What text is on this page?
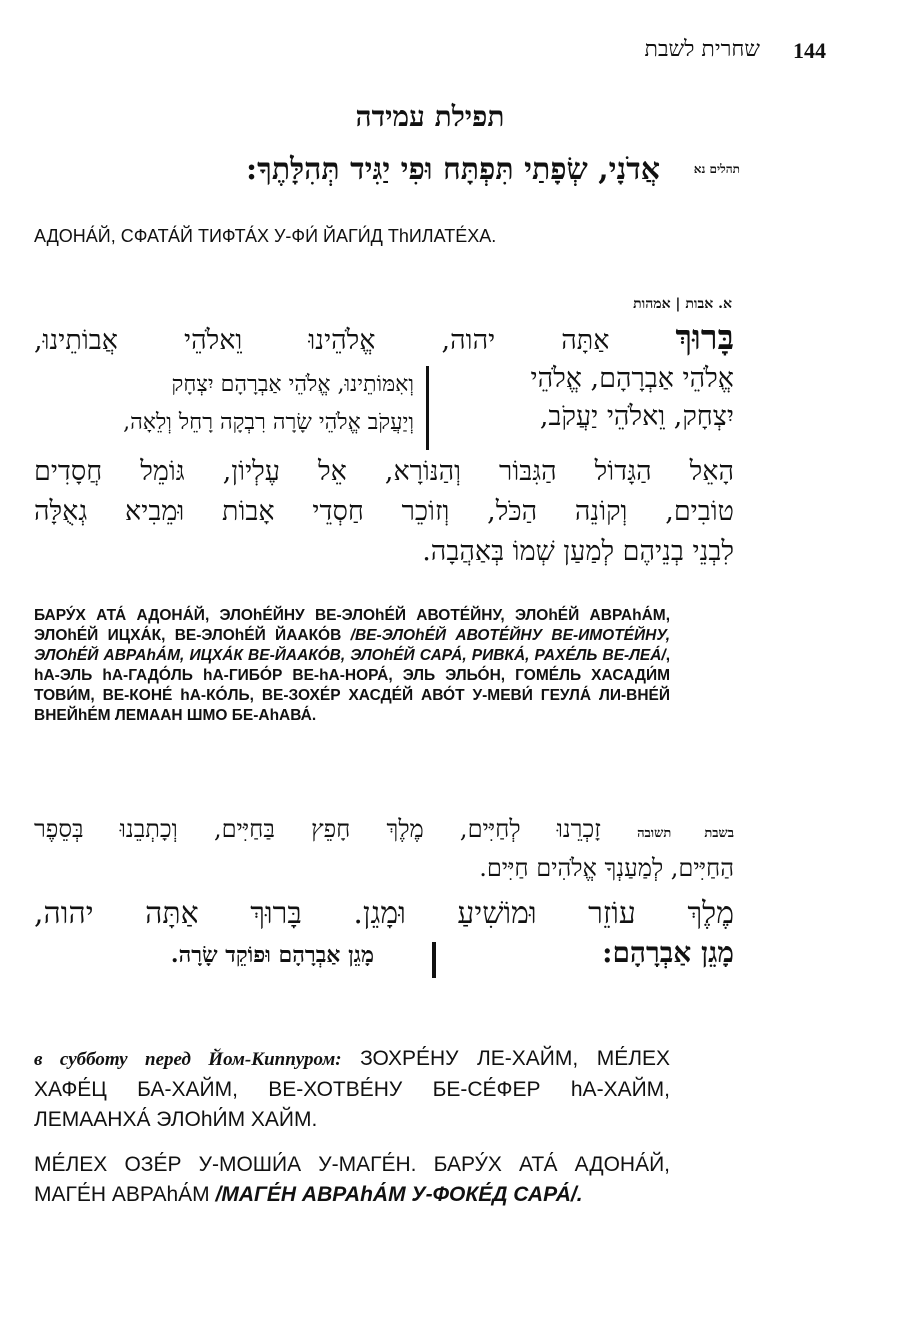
144
שחרית לשבת
תפילת עמידה
אֲדֹנָי, שְׂפָתַי תִּפְתָּח וּפִי יַגִּיד תְּהִלָּתֶךָ:	תהלים נא
АДОНА́Й, СФАТА́Й ТИФТА́Х У-ФИ́ ЙАГИ́Д ТhИЛАТЕ́ХА.
א. אבות | אמהות
בָּרוּךְ אַתָּה יהוה, אֱלֹהֵינוּ וֵאלֹהֵי אֲבוֹתֵינוּ,
אֱלֹהֵי אַבְרָהָם, אֱלֹהֵי
יִצְחָק, וֵאלֹהֵי יַעֲקֹב,
וְאִמּוֹתֵינוּ, אֱלֹהֵי אַבְרָהָם יִצְחָק
וְיַעֲקֹב אֱלֹהֵי שָׂרָה רִבְקָה רָחֵל וְלֵאָה,
הָאֵל הַגָּדוֹל הַגִּבּוֹר וְהַנּוֹרָא, אֵל עֶלְיוֹן, גּוֹמֵל חֲסָדִים
טוֹבִים, וְקוֹנֵה הַכֹּל, וְזוֹכֵר חַסְדֵי אָבוֹת וּמֵבִיא גְאֻלָּה
לִבְנֵי בְנֵיהֶם לְמַעַן שְׁמוֹ בְּאַהֲבָה.
БАРУ́Х АТА́ АДОНА́Й, ЭЛОhЕ́ЙНУ ВЕ-ЭЛОhЕ́Й АВОТЕ́ЙНУ, ЭЛОhЕ́Й АВРАhА́М, ЭЛОhЕ́Й ИЦХА́К, ВЕ-ЭЛОhЕ́Й ЙААКО́В /ВЕ-ЭЛОhЕ́Й АВОТЕ́ЙНУ ВЕ-ИМОТЕ́ЙНУ, ЭЛОhЕ́Й АВРАhА́М, ИЦХА́К ВЕ-ЙААКО́В, ЭЛОhЕ́Й САРА́, РИВКА́, РАХЕ́ЛЬ ВЕ-ЛЕА́/, hА-ЭЛЬ hА-ГАДО́ЛЬ hА-ГИБО́Р ВЕ-hА-НОРА́, ЭЛЬ ЭЛЬО́Н, ГОМЕ́ЛЬ ХАСАДИ́М ТОВИ́М, ВЕ-КОНЕ́ hА-КО́ЛЬ, ВЕ-ЗОХЕ́Р ХАСДЕ́Й АВО́Т У-МЕВИ́ ГЕУЛА́ ЛИ-ВНЕ́Й ВНЕЙhЕ́М ЛЕМААН ШМО БЕ-АhАВА́.
בשבת תשובה זָכְרֵנוּ לְחַיִּים, מֶלֶךְ חָפֵץ בַּחַיִּים, וְכָתְבֵנוּ בְּסֵפֶר
הַחַיִּים, לְמַעַנְךָ אֱלֹהִים חַיִּים.
מֶלֶךְ עוֹזֵר וּמוֹשִׁיעַ וּמָגֵן. בָּרוּךְ אַתָּה יהוה,
מָגֵן אַבְרָהָם:
מָגֵן אַבְרָהָם וּפוֹקֵד שָׂרָה.
в субботу перед Йом-Киппуром: ЗОХРЕ́НУ ЛЕ-ХАЙМ, МЕ́ЛЕХ ХАФЕ́Ц БА-ХАЙМ, ВЕ-ХОТВЕ́НУ БЕ-СЕ́ФЕР hА-ХАЙМ, ЛЕМААНХА́ ЭЛОhИ́М ХАЙМ.
МЕ́ЛЕХ ОЗЕ́Р У-МОШИ́А У-МАГЕ́Н. БАРУ́Х АТА́ АДОНА́Й, МАГЕ́Н АВРАhА́М /МАГЕ́Н АВРАhА́М У-ФОКЕ́Д САРА́/.
